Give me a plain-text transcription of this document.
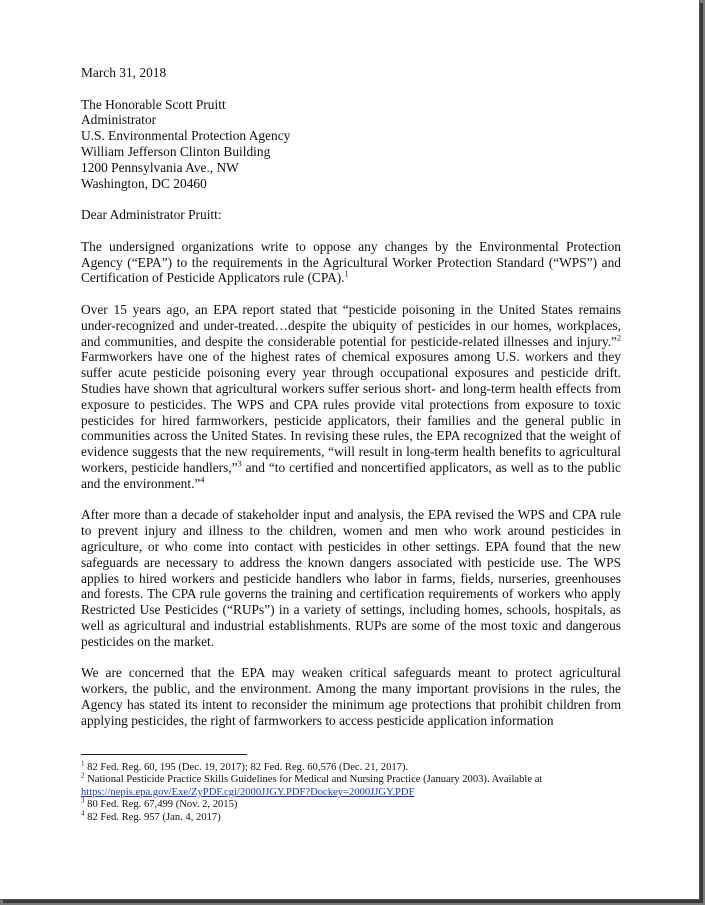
March 31, 2018

The Honorable Scott Pruitt
Administrator
U.S. Environmental Protection Agency
William Jefferson Clinton Building
1200 Pennsylvania Ave., NW
Washington, DC 20460

Dear Administrator Pruitt:

The undersigned organizations write to oppose any changes by the Environmental Protection Agency (“EPA”) to the requirements in the Agricultural Worker Protection Standard (“WPS”) and Certification of Pesticide Applicators rule (CPA).$^1$

Over 15 years ago, an EPA report stated that “pesticide poisoning in the United States remains under-recognized and under-treated…despite the ubiquity of pesticides in our homes, workplaces, and communities, and despite the considerable potential for pesticide-related illnesses and injury.”$^2$ Farmworkers have one of the highest rates of chemical exposures among U.S. workers and they suffer acute pesticide poisoning every year through occupational exposures and pesticide drift. Studies have shown that agricultural workers suffer serious short- and long-term health effects from exposure to pesticides. The WPS and CPA rules provide vital protections from exposure to toxic pesticides for hired farmworkers, pesticide applicators, their families and the general public in communities across the United States. In revising these rules, the EPA recognized that the weight of evidence suggests that the new requirements, “will result in long-term health benefits to agricultural workers, pesticide handlers,”$^3$ and “to certified and noncertified applicators, as well as to the public and the environment.”$^4$

After more than a decade of stakeholder input and analysis, the EPA revised the WPS and CPA rule to prevent injury and illness to the children, women and men who work around pesticides in agriculture, or who come into contact with pesticides in other settings. EPA found that the new safeguards are necessary to address the known dangers associated with pesticide use. The WPS applies to hired workers and pesticide handlers who labor in farms, fields, nurseries, greenhouses and forests. The CPA rule governs the training and certification requirements of workers who apply Restricted Use Pesticides (“RUPs”) in a variety of settings, including homes, schools, hospitals, as well as agricultural and industrial establishments. RUPs are some of the most toxic and dangerous pesticides on the market.

We are concerned that the EPA may weaken critical safeguards meant to protect agricultural workers, the public, and the environment. Among the many important provisions in the rules, the Agency has stated its intent to reconsider the minimum age protections that prohibit children from applying pesticides, the right of farmworkers to access pesticide application information

$^1$ 82 Fed. Reg. 60, 195 (Dec. 19, 2017); 82 Fed. Reg. 60,576 (Dec. 21, 2017).
$^2$ National Pesticide Practice Skills Guidelines for Medical and Nursing Practice (January 2003). Available at
https://nepis.epa.gov/Exe/ZyPDF.cgi/2000JJGY.PDF?Dockey=2000JJGY.PDF
$^3$ 80 Fed. Reg. 67,499 (Nov. 2, 2015)
$^4$ 82 Fed. Reg. 957 (Jan. 4, 2017)
